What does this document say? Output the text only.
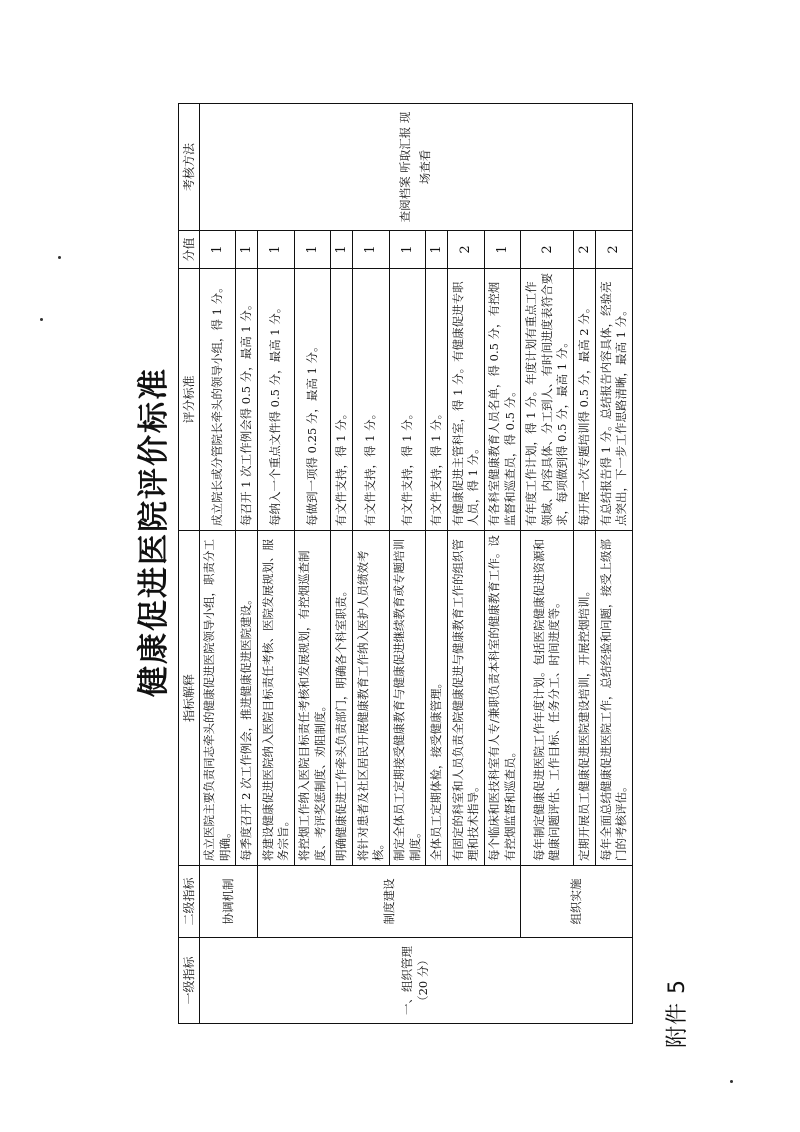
附件 5
健康促进医院评价标准
一级指标	二级指标	指标解释	评分标准	分值	考核方法

一、组织管理 （20 分）	协调机制	成立医院主要负责同志牵头的健康促进医院领导小组，职责分工明确。	成立院长或分管院长牵头的领导小组，得 1 分。	1	查阅档案 听取汇报 现场查看
		每季度召开 2 次工作例会，推进健康促进医院建设。	每召开 1 次工作例会得 0.5 分，最高 1 分。	1	
	制度建设	将建设健康促进医院纳入医院目标责任考核、医院发展规划、服务宗旨。	每纳入一个重点文件得 0.5 分，最高 1 分。	1	
		将控烟工作纳入医院目标责任考核和发展规划，有控烟巡查制度、考评奖惩制度、劝阻制度。	每做到一项得 0.25 分，最高 1 分。	1	
		明确健康促进工作牵头负责部门，明确各个科室职责。	有文件支持，得 1 分。	1	
		将针对患者及社区居民开展健康教育工作纳入医护人员绩效考核。	有文件支持，得 1 分。	1	
		制定全体员工定期接受健康教育与健康促进继续教育或专题培训制度。	有文件支持，得 1 分。	1	
		全体员工定期体检，接受健康管理。	有文件支持，得 1 分。	1	
		有固定的科室和人员负责全院健康促进与健康教育工作的组织管理和技术指导。	有健康促进主管科室，得 1 分。有健康促进专职人员，得 1 分。	2	
		每个临床和医技科室有人专/兼职负责本科室的健康教育工作。设有控烟监督和巡查员。	有各科室健康教育人员名单，得 0.5 分，有控烟监督和巡查员，得 0.5 分。	1	
	组织实施	每年制定健康促进医院工作年度计划。包括医院健康促进资源和健康问题评估、工作目标、任务分工、时间进度等。	有年度工作计划，得 1 分。年度计划有重点工作领域、内容具体、分工到人、有时间进度表符合要求，每项做到得 0.5 分，最高 1 分。	2	
		定期开展员工健康促进医院建设培训，开展控烟培训。	每开展一次专题培训得 0.5 分，最高 2 分。	2	
		每年全面总结健康促进医院工作，总结经验和问题，接受上级部门的考核评估。	有总结报告得 1 分。总结报告内容具体，经验亮点突出，下一步工作思路清晰，最高 1 分。	2	
